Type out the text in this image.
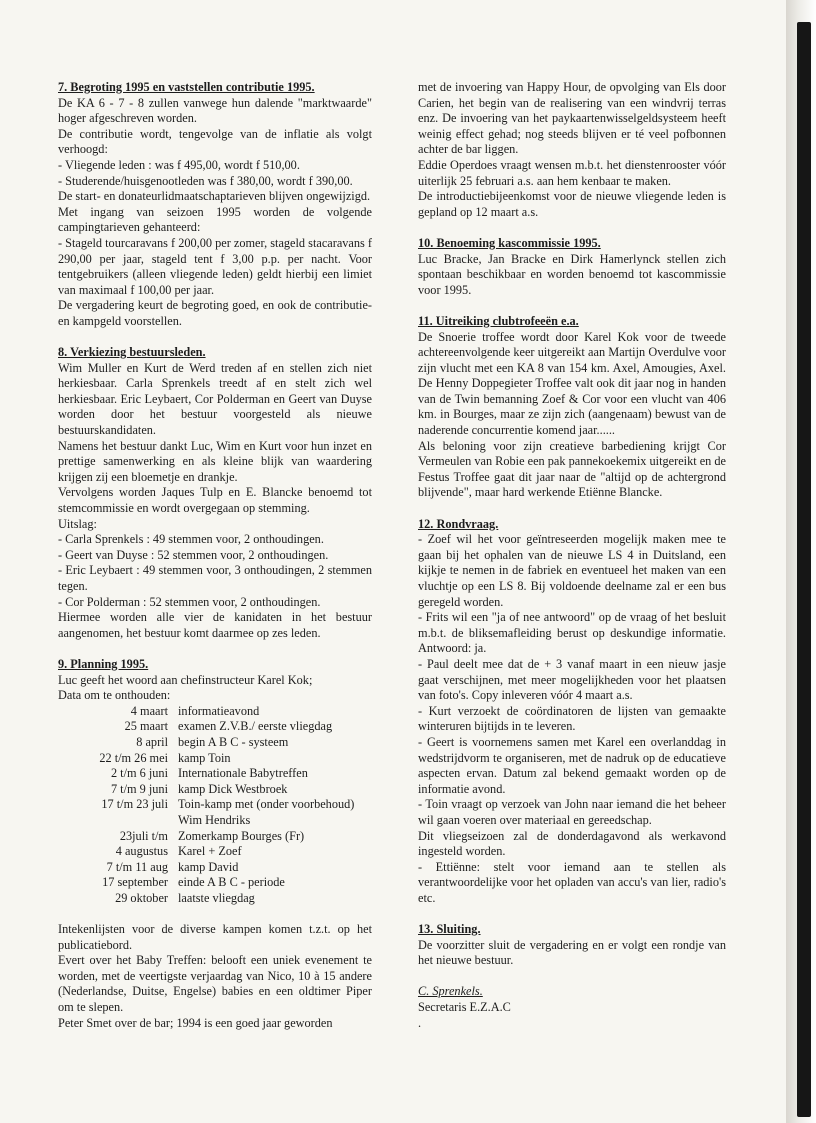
7. Begroting 1995 en vaststellen contributie 1995.

De KA 6 - 7 - 8 zullen vanwege hun dalende "marktwaarde" hoger afgeschreven worden.

De contributie wordt, tengevolge van de inflatie als volgt verhoogd:

- Vliegende leden : was f 495,00, wordt f 510,00.

- Studerende/huisgenootleden was f 380,00, wordt f 390,00.

De start- en donateurlidmaatschaptarieven blijven ongewijzigd.

Met ingang van seizoen 1995 worden de volgende campingtarieven gehanteerd:

- Stageld tourcaravans f 200,00 per zomer, stageld stacaravans f 290,00 per jaar, stageld tent f 3,00 p.p. per nacht. Voor tentgebruikers (alleen vliegende leden) geldt hierbij een limiet van maximaal f 100,00 per jaar.

De vergadering keurt de begroting goed, en ook de contributie- en kampgeld voorstellen.

8. Verkiezing bestuursleden.

Wim Muller en Kurt de Werd treden af en stellen zich niet herkiesbaar. Carla Sprenkels treedt af en stelt zich wel herkiesbaar. Eric Leybaert, Cor Polderman en Geert van Duyse worden door het bestuur voorgesteld als nieuwe bestuurskandidaten.

Namens het bestuur dankt Luc, Wim en Kurt voor hun inzet en prettige samenwerking en als kleine blijk van waardering krijgen zij een bloemetje en drankje.

Vervolgens worden Jaques Tulp en E. Blancke benoemd tot stemcommissie en wordt overgegaan op stemming.

Uitslag:

- Carla Sprenkels : 49 stemmen voor, 2 onthoudingen.

- Geert van Duyse : 52 stemmen voor, 2 onthoudingen.

- Eric Leybaert : 49 stemmen voor, 3 onthoudingen, 2 stemmen tegen.

- Cor Polderman : 52 stemmen voor, 2 onthoudingen.

Hiermee worden alle vier de kanidaten in het bestuur aangenomen, het bestuur komt daarmee op zes leden.

9. Planning 1995.

Luc geeft het woord aan chefinstructeur Karel Kok;

Data om te onthouden:

4 maart	informatieavond
25 maart	examen Z.V.B./ eerste vliegdag
8 april	begin A B C - systeem
22 t/m 26 mei	kamp Toin
2 t/m 6 juni	Internationale Babytreffen
7 t/m 9 juni	kamp Dick Westbroek
17 t/m 23 juli	Toin-kamp met (onder voorbehoud)
	Wim Hendriks
23juli t/m	Zomerkamp Bourges (Fr)
4 augustus	Karel + Zoef
7 t/m 11 aug	kamp David
17 september	einde A B C - periode
29 oktober	laatste vliegdag

Intekenlijsten voor de diverse kampen komen t.z.t. op het publicatiebord.

Evert over het Baby Treffen: belooft een uniek evenement te worden, met de veertigste verjaardag van Nico, 10 à 15 andere (Nederlandse, Duitse, Engelse) babies en een oldtimer Piper om te slepen.

Peter Smet over de bar; 1994 is een goed jaar geworden

met de invoering van Happy Hour, de opvolging van Els door Carien, het begin van de realisering van een windvrij terras enz. De invoering van het paykaartenwisselgeldsysteem heeft weinig effect gehad; nog steeds blijven er té veel pofbonnen achter de bar liggen.

Eddie Operdoes vraagt wensen m.b.t. het dienstenrooster vóór uiterlijk 25 februari a.s. aan hem kenbaar te maken.

De introductiebijeenkomst voor de nieuwe vliegende leden is gepland op 12 maart a.s.

10. Benoeming kascommissie 1995.

Luc Bracke, Jan Bracke en Dirk Hamerlynck stellen zich spontaan beschikbaar en worden benoemd tot kascommissie voor 1995.

11. Uitreiking clubtrofeeën e.a.

De Snoerie troffee wordt door Karel Kok voor de tweede achtereenvolgende keer uitgereikt aan Martijn Overdulve voor zijn vlucht met een KA 8 van 154 km. Axel, Amougies, Axel. De Henny Doppegieter Troffee valt ook dit jaar nog in handen van de Twin bemanning Zoef & Cor voor een vlucht van 406 km. in Bourges, maar ze zijn zich (aangenaam) bewust van de naderende concurrentie komend jaar......

Als beloning voor zijn creatieve barbediening krijgt Cor Vermeulen van Robie een pak pannekoekemix uitgereikt en de Festus Troffee gaat dit jaar naar de "altijd op de achtergrond blijvende", maar hard werkende Etiënne Blancke.

12. Rondvraag.

- Zoef wil het voor geïntreseerden mogelijk maken mee te gaan bij het ophalen van de nieuwe LS 4 in Duitsland, een kijkje te nemen in de fabriek en eventueel het maken van een vluchtje op een LS 8. Bij voldoende deelname zal er een bus geregeld worden.

- Frits wil een "ja of nee antwoord" op de vraag of het besluit m.b.t. de bliksemafleiding berust op deskundige informatie. Antwoord: ja.

- Paul deelt mee dat de + 3 vanaf maart in een nieuw jasje gaat verschijnen, met meer mogelijkheden voor het plaatsen van foto's. Copy inleveren vóór 4 maart a.s.

- Kurt verzoekt de coördinatoren de lijsten van gemaakte winteruren bijtijds in te leveren.

- Geert is voornemens samen met Karel een overlanddag in wedstrijdvorm te organiseren, met de nadruk op de educatieve aspecten ervan. Datum zal bekend gemaakt worden op de informatie avond.

- Toin vraagt op verzoek van John naar iemand die het beheer wil gaan voeren over materiaal en gereedschap.

Dit vliegseizoen zal de donderdagavond als werkavond ingesteld worden.

- Ettiënne: stelt voor iemand aan te stellen als verantwoordelijke voor het opladen van accu's van lier, radio's etc.

13. Sluiting.

De voorzitter sluit de vergadering en er volgt een rondje van het nieuwe bestuur.

C. Sprenkels.

Secretaris E.Z.A.C

.
